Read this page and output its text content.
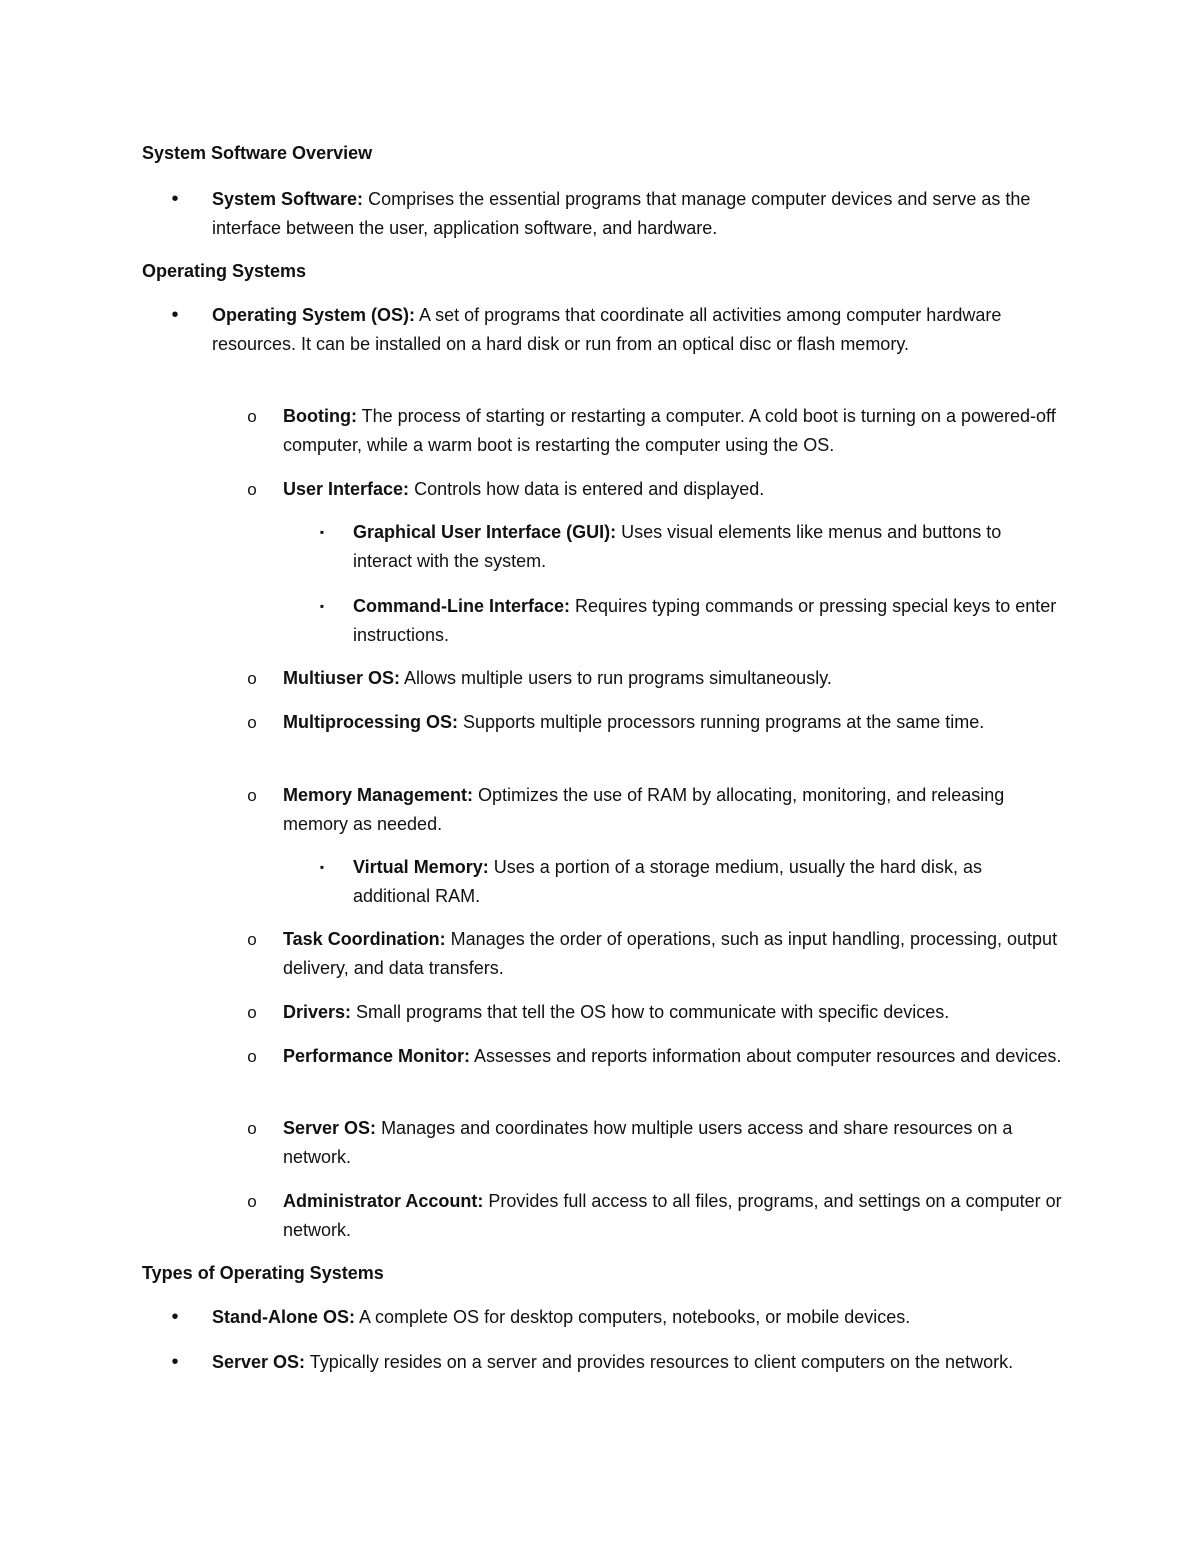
System Software Overview
•	System Software: Comprises the essential programs that manage computer devices and serve as the interface between the user, application software, and hardware.
Operating Systems
•	Operating System (OS): A set of programs that coordinate all activities among computer hardware resources. It can be installed on a hard disk or run from an optical disc or flash memory.
o Booting: The process of starting or restarting a computer. A cold boot is turning on a powered-off computer, while a warm boot is restarting the computer using the OS.
o User Interface: Controls how data is entered and displayed.
▪ Graphical User Interface (GUI): Uses visual elements like menus and buttons to interact with the system.
▪ Command-Line Interface: Requires typing commands or pressing special keys to enter instructions.
o Multiuser OS: Allows multiple users to run programs simultaneously.
o Multiprocessing OS: Supports multiple processors running programs at the same time.
o Memory Management: Optimizes the use of RAM by allocating, monitoring, and releasing memory as needed.
▪ Virtual Memory: Uses a portion of a storage medium, usually the hard disk, as additional RAM.
o Task Coordination: Manages the order of operations, such as input handling, processing, output delivery, and data transfers.
o Drivers: Small programs that tell the OS how to communicate with specific devices.
o Performance Monitor: Assesses and reports information about computer resources and devices.
o Server OS: Manages and coordinates how multiple users access and share resources on a network.
o Administrator Account: Provides full access to all files, programs, and settings on a computer or network.
Types of Operating Systems
•	Stand-Alone OS: A complete OS for desktop computers, notebooks, or mobile devices.
•	Server OS: Typically resides on a server and provides resources to client computers on the network.
